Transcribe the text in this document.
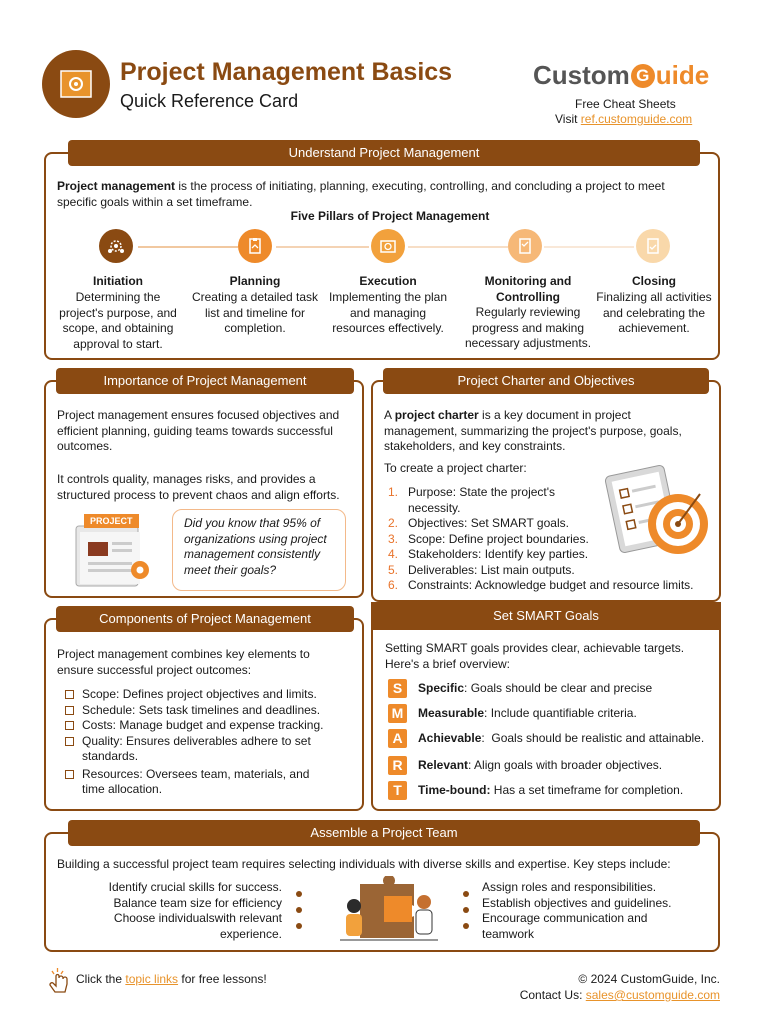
Project Management Basics
Quick Reference Card
Custom G uide
Free Cheat Sheets
Visit ref.customguide.com
Understand Project Management
Project management is the process of initiating, planning, executing, controlling, and concluding a project to meet specific goals within a set timeframe.
Five Pillars of Project Management
Initiation
Determining the project's purpose, and scope, and obtaining approval to start.
Planning
Creating a detailed task list and timeline for completion.
Execution
Implementing the plan and managing resources effectively.
Monitoring and Controlling
Regularly reviewing progress and making necessary adjustments.
Closing
Finalizing all activities and celebrating the achievement.
Importance of Project Management
Project management ensures focused objectives and efficient planning, guiding teams towards successful outcomes.
It controls quality, manages risks, and provides a structured process to prevent chaos and align efforts.
PROJECT	Did you know that 95% of organizations using project management consistently meet their goals?
Project Charter and Objectives
A project charter is a key document in project management, summarizing the project's purpose, goals, stakeholders, and key constraints.
To create a project charter:
1. Purpose: State the project's necessity.
2. Objectives: Set SMART goals.
3. Scope: Define project boundaries.
4. Stakeholders: Identify key parties.
5. Deliverables: List main outputs.
6. Constraints: Acknowledge budget and resource limits.
Components of Project Management
Project management combines key elements to ensure successful project outcomes:
Scope: Defines project objectives and limits.
Schedule: Sets task timelines and deadlines.
Costs: Manage budget and expense tracking.
Quality: Ensures deliverables adhere to set standards.
Resources: Oversees team, materials, and time allocation.
Set SMART Goals
Setting SMART goals provides clear, achievable targets. Here's a brief overview:
S	Specific : Goals should be clear and precise
M	Measurable : Include quantifiable criteria.
A	Achievable :  Goals should be realistic and attainable.
R	Relevant : Align goals with broader objectives.
T	Time-bound: Has a set timeframe for completion.
Assemble a Project Team
Building a successful project team requires selecting individuals with diverse skills and expertise. Key steps include:
Identify crucial skills for success.
Balance team size for efficiency
Choose individualswith relevant experience.
Assign roles and responsibilities.
Establish objectives and guidelines.
Encourage communication and teamwork
Click the topic links for free lessons!	© 2024 CustomGuide, Inc.
Contact Us: sales@customguide.com
